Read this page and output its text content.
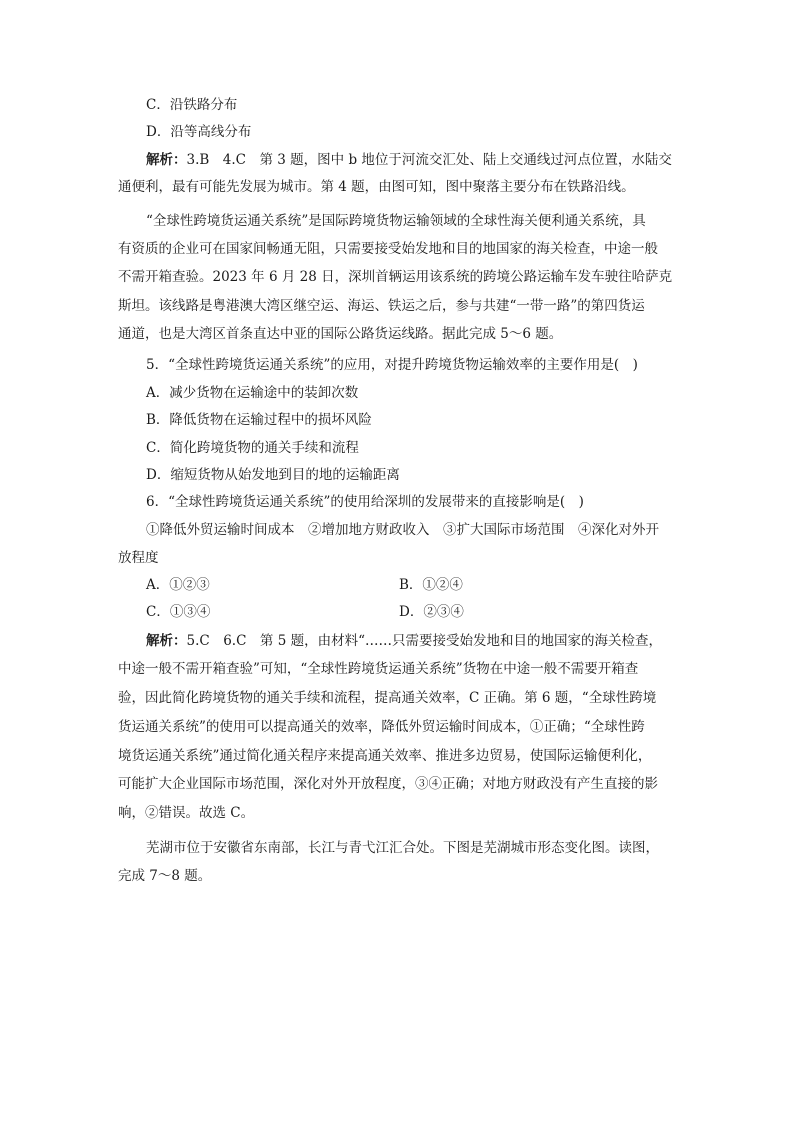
C．沿铁路分布
D．沿等高线分布
解析：3.B　4.C　第 3 题，图中 b 地位于河流交汇处、陆上交通线过河点位置，水陆交
通便利，最有可能先发展为城市。第 4 题，由图可知，图中聚落主要分布在铁路沿线。
“全球性跨境货运通关系统”是国际跨境货物运输领域的全球性海关便利通关系统，具
有资质的企业可在国家间畅通无阻，只需要接受始发地和目的地国家的海关检查，中途一般
不需开箱查验。2023 年 6 月 28 日，深圳首辆运用该系统的跨境公路运输车发车驶往哈萨克
斯坦。该线路是粤港澳大湾区继空运、海运、铁运之后，参与共建“一带一路”的第四货运
通道，也是大湾区首条直达中亚的国际公路货运线路。据此完成 5～6 题。
5．“全球性跨境货运通关系统”的应用，对提升跨境货物运输效率的主要作用是(　)
A．减少货物在运输途中的装卸次数
B．降低货物在运输过程中的损坏风险
C．简化跨境货物的通关手续和流程
D．缩短货物从始发地到目的地的运输距离
6．“全球性跨境货运通关系统”的使用给深圳的发展带来的直接影响是(　)
①降低外贸运输时间成本　②增加地方财政收入　③扩大国际市场范围　④深化对外开
放程度
A．①②③	B．①②④
C．①③④	D．②③④
解析：5.C　6.C　第 5 题，由材料“……只需要接受始发地和目的地国家的海关检查，
中途一般不需开箱查验”可知，“全球性跨境货运通关系统”货物在中途一般不需要开箱查
验，因此简化跨境货物的通关手续和流程，提高通关效率，C 正确。第 6 题，“全球性跨境
货运通关系统”的使用可以提高通关的效率，降低外贸运输时间成本，①正确；“全球性跨
境货运通关系统”通过简化通关程序来提高通关效率、推进多边贸易，使国际运输便利化，
可能扩大企业国际市场范围，深化对外开放程度，③④正确；对地方财政没有产生直接的影
响，②错误。故选 C。
芜湖市位于安徽省东南部，长江与青弋江汇合处。下图是芜湖城市形态变化图。读图，
完成 7～8 题。
